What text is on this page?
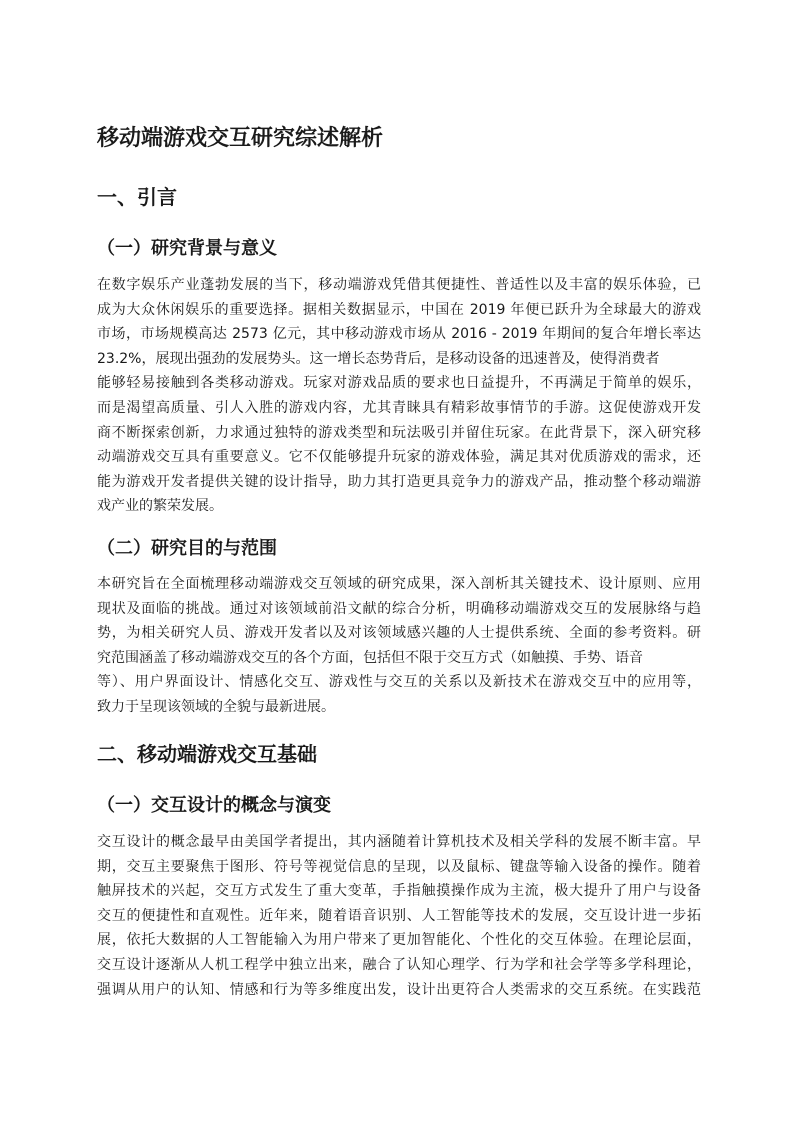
移动端游戏交互研究综述解析
一、引言
（一）研究背景与意义
在数字娱乐产业蓬勃发展的当下，移动端游戏凭借其便捷性、普适性以及丰富的娱乐体验，已
成为大众休闲娱乐的重要选择。据相关数据显示，中国在 2019 年便已跃升为全球最大的游戏
市场，市场规模高达 2573 亿元，其中移动游戏市场从 2016 - 2019 年期间的复合年增长率达
23.2%，展现出强劲的发展势头。这一增长态势背后，是移动设备的迅速普及，使得消费者
能够轻易接触到各类移动游戏。玩家对游戏品质的要求也日益提升，不再满足于简单的娱乐，
而是渴望高质量、引人入胜的游戏内容，尤其青睐具有精彩故事情节的手游。这促使游戏开发
商不断探索创新，力求通过独特的游戏类型和玩法吸引并留住玩家。在此背景下，深入研究移
动端游戏交互具有重要意义。它不仅能够提升玩家的游戏体验，满足其对优质游戏的需求，还
能为游戏开发者提供关键的设计指导，助力其打造更具竞争力的游戏产品，推动整个移动端游
戏产业的繁荣发展。
（二）研究目的与范围
本研究旨在全面梳理移动端游戏交互领域的研究成果，深入剖析其关键技术、设计原则、应用
现状及面临的挑战。通过对该领域前沿文献的综合分析，明确移动端游戏交互的发展脉络与趋
势，为相关研究人员、游戏开发者以及对该领域感兴趣的人士提供系统、全面的参考资料。研
究范围涵盖了移动端游戏交互的各个方面，包括但不限于交互方式（如触摸、手势、语音
等）、用户界面设计、情感化交互、游戏性与交互的关系以及新技术在游戏交互中的应用等，
致力于呈现该领域的全貌与最新进展。
二、移动端游戏交互基础
（一）交互设计的概念与演变
交互设计的概念最早由美国学者提出，其内涵随着计算机技术及相关学科的发展不断丰富。早
期，交互主要聚焦于图形、符号等视觉信息的呈现，以及鼠标、键盘等输入设备的操作。随着
触屏技术的兴起，交互方式发生了重大变革，手指触摸操作成为主流，极大提升了用户与设备
交互的便捷性和直观性。近年来，随着语音识别、人工智能等技术的发展，交互设计进一步拓
展，依托大数据的人工智能输入为用户带来了更加智能化、个性化的交互体验。在理论层面，
交互设计逐渐从人机工程学中独立出来，融合了认知心理学、行为学和社会学等多学科理论，
强调从用户的认知、情感和行为等多维度出发，设计出更符合人类需求的交互系统。在实践范
